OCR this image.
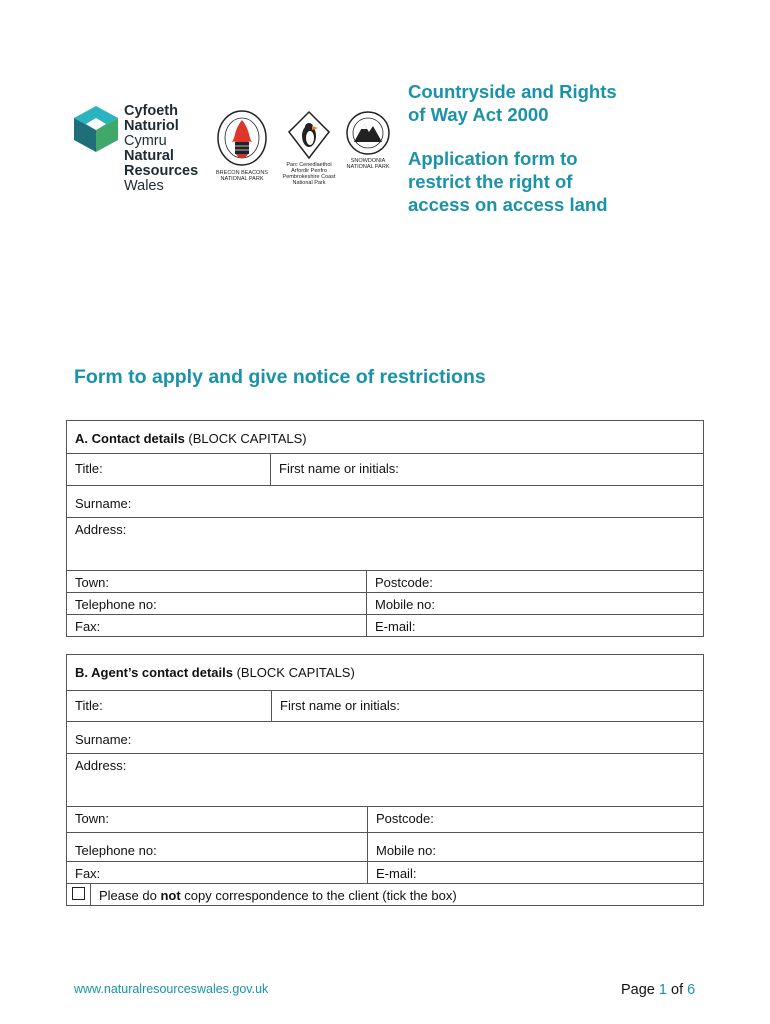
Cyfoeth
Naturiol
Cymru
Natural
Resources
Wales
BRECON BEACONS NATIONAL PARK
Parc Cenedlaethol Arfordir Penfro
Pembrokeshire Coast National Park
SNOWDONIA NATIONAL PARK

Countryside and Rights

of Way Act 2000

Application form to

restrict the right of

access on access land

Form to apply and give notice of restrictions
A. Contact details (BLOCK CAPITALS)		

Title:	First name or initials:	

Surname:		

Address:		

Town:		Postcode:

Telephone no:		Mobile no:

Fax:		E-mail:
B. Agent’s contact details (BLOCK CAPITALS)			

Title:		First name or initials:	

Surname:			

Address:			

Town:			Postcode:

Telephone no:			Mobile no:

Fax:			E-mail:

	Please do not copy correspondence to the client (tick the box)		
www.naturalresourceswales.gov.uk	Page 1 of 6
